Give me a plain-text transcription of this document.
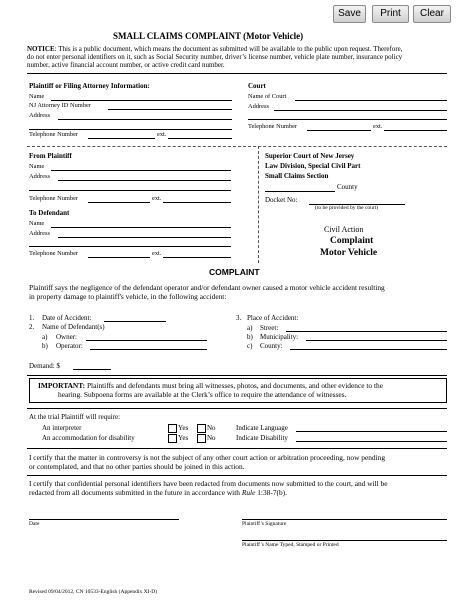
Save	Print	Clear
SMALL CLAIMS COMPLAINT (Motor Vehicle)
NOTICE: This is a public document, which means the document as submitted will be available to the public upon request. Therefore,
do not enter personal identifiers on it, such as Social Security number, driver’s license number, vehicle plate number, insurance policy
number, active financial account number, or active credit card number.
Plaintiff or Filing Attorney Information:
Name
NJ Attorney ID Number
Address
Telephone Number	ext.
Court
Name of Court
Address
Telephone Number	ext.
From Plaintiff
Name
Address
Telephone Number	ext.
To Defendant
Name
Address
Telephone Number	ext.
Superior Court of New Jersey
Law Division, Special Civil Part
Small Claims Section
County
Docket No:
(to be provided by the court)
Civil Action
Complaint
Motor Vehicle
COMPLAINT
Plaintiff says the negligence of the defendant operator and/or defendant owner caused a motor vehicle accident resulting
in property damage to plaintiff's vehicle, in the following accident:
1. Date of Accident:
2. Name of Defendant(s)
a) Owner:
b) Operator:
3. Place of Accident:
a) Street:
b) Municipality:
c) County:
Demand: $
IMPORTANT: Plaintiffs and defendants must bring all witnesses, photos, and documents, and other evidence to the
hearing. Subpoena forms are available at the Clerk’s office to require the attendance of witnesses.
At the trial Plaintiff will require:
An interpreter	Yes	No	Indicate Language
An accommodation for disability	Yes	No	Indicate Disability
I certify that the matter in controversy is not the subject of any other court action or arbitration proceeding, now pending
or contemplated, and that no other parties should be joined in this action.
I certify that confidential personal identifiers have been redacted from documents now submitted to the court, and will be
redacted from all documents submitted in the future in accordance with Rule 1:38-7(b).
Date	Plaintiff’s Signature
Plaintiff’s Name Typed, Stamped or Printed
Revised 09/04/2012, CN 10533-English (Appendix XI-D)
